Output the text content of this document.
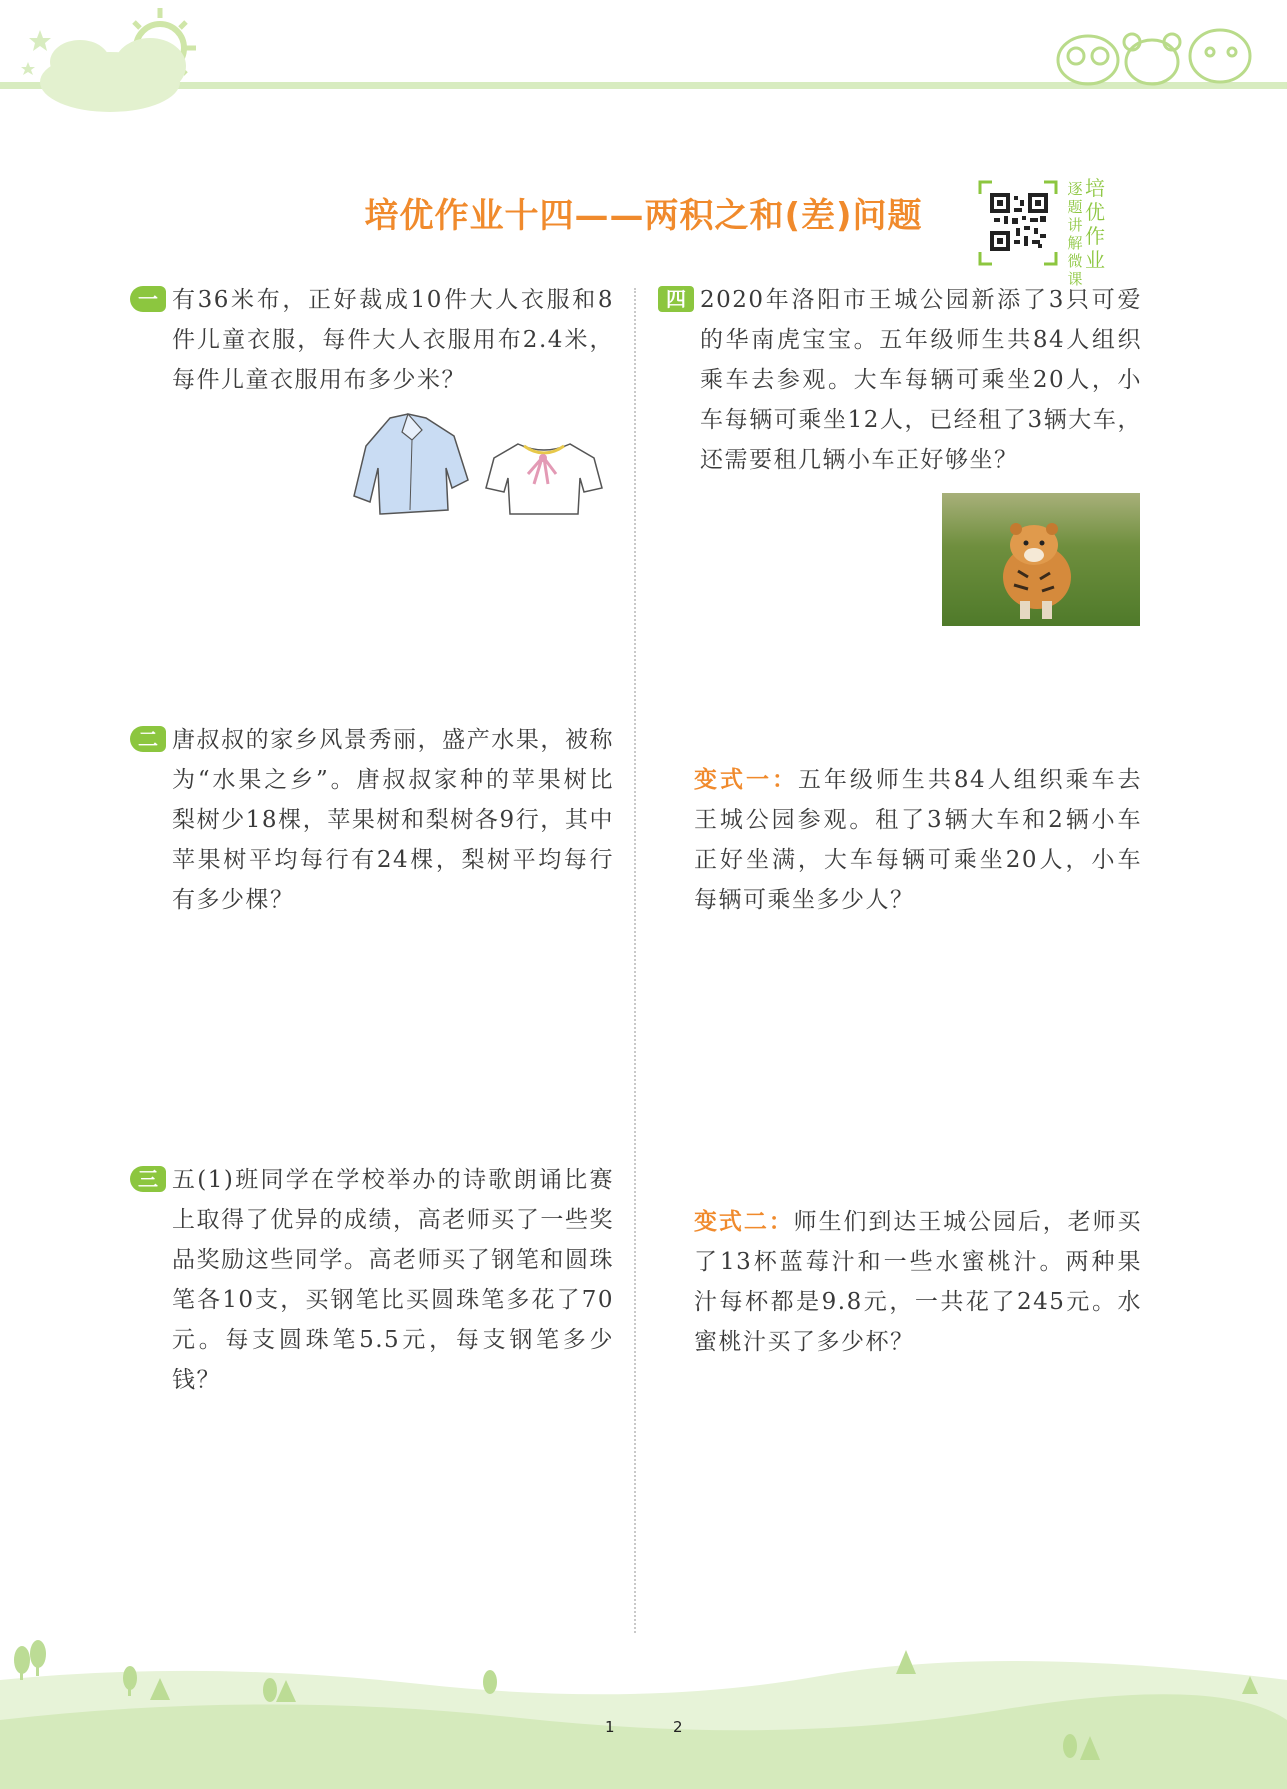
培优作业十四——两积之和(差)问题
逐
题
讲
解
微
课
培
优
作
业
一 有36米布，正好裁成10件大人衣服和8件儿童衣服，每件大人衣服用布2.4米，每件儿童衣服用布多少米？
二 唐叔叔的家乡风景秀丽，盛产水果，被称为“水果之乡”。唐叔叔家种的苹果树比梨树少18棵，苹果树和梨树各9行，其中苹果树平均每行有24棵，梨树平均每行有多少棵？
三 五(1)班同学在学校举办的诗歌朗诵比赛上取得了优异的成绩，高老师买了一些奖品奖励这些同学。高老师买了钢笔和圆珠笔各10支，买钢笔比买圆珠笔多花了70元。每支圆珠笔5.5元，每支钢笔多少钱？
四 2020年洛阳市王城公园新添了3只可爱的华南虎宝宝。五年级师生共84人组织乘车去参观。大车每辆可乘坐20人，小车每辆可乘坐12人，已经租了3辆大车，还需要租几辆小车正好够坐？
变式一：五年级师生共84人组织乘车去王城公园参观。租了3辆大车和2辆小车正好坐满，大车每辆可乘坐20人，小车每辆可乘坐多少人？
变式二：师生们到达王城公园后，老师买了13杯蓝莓汁和一些水蜜桃汁。两种果汁每杯都是9.8元，一共花了245元。水蜜桃汁买了多少杯？
1	2
